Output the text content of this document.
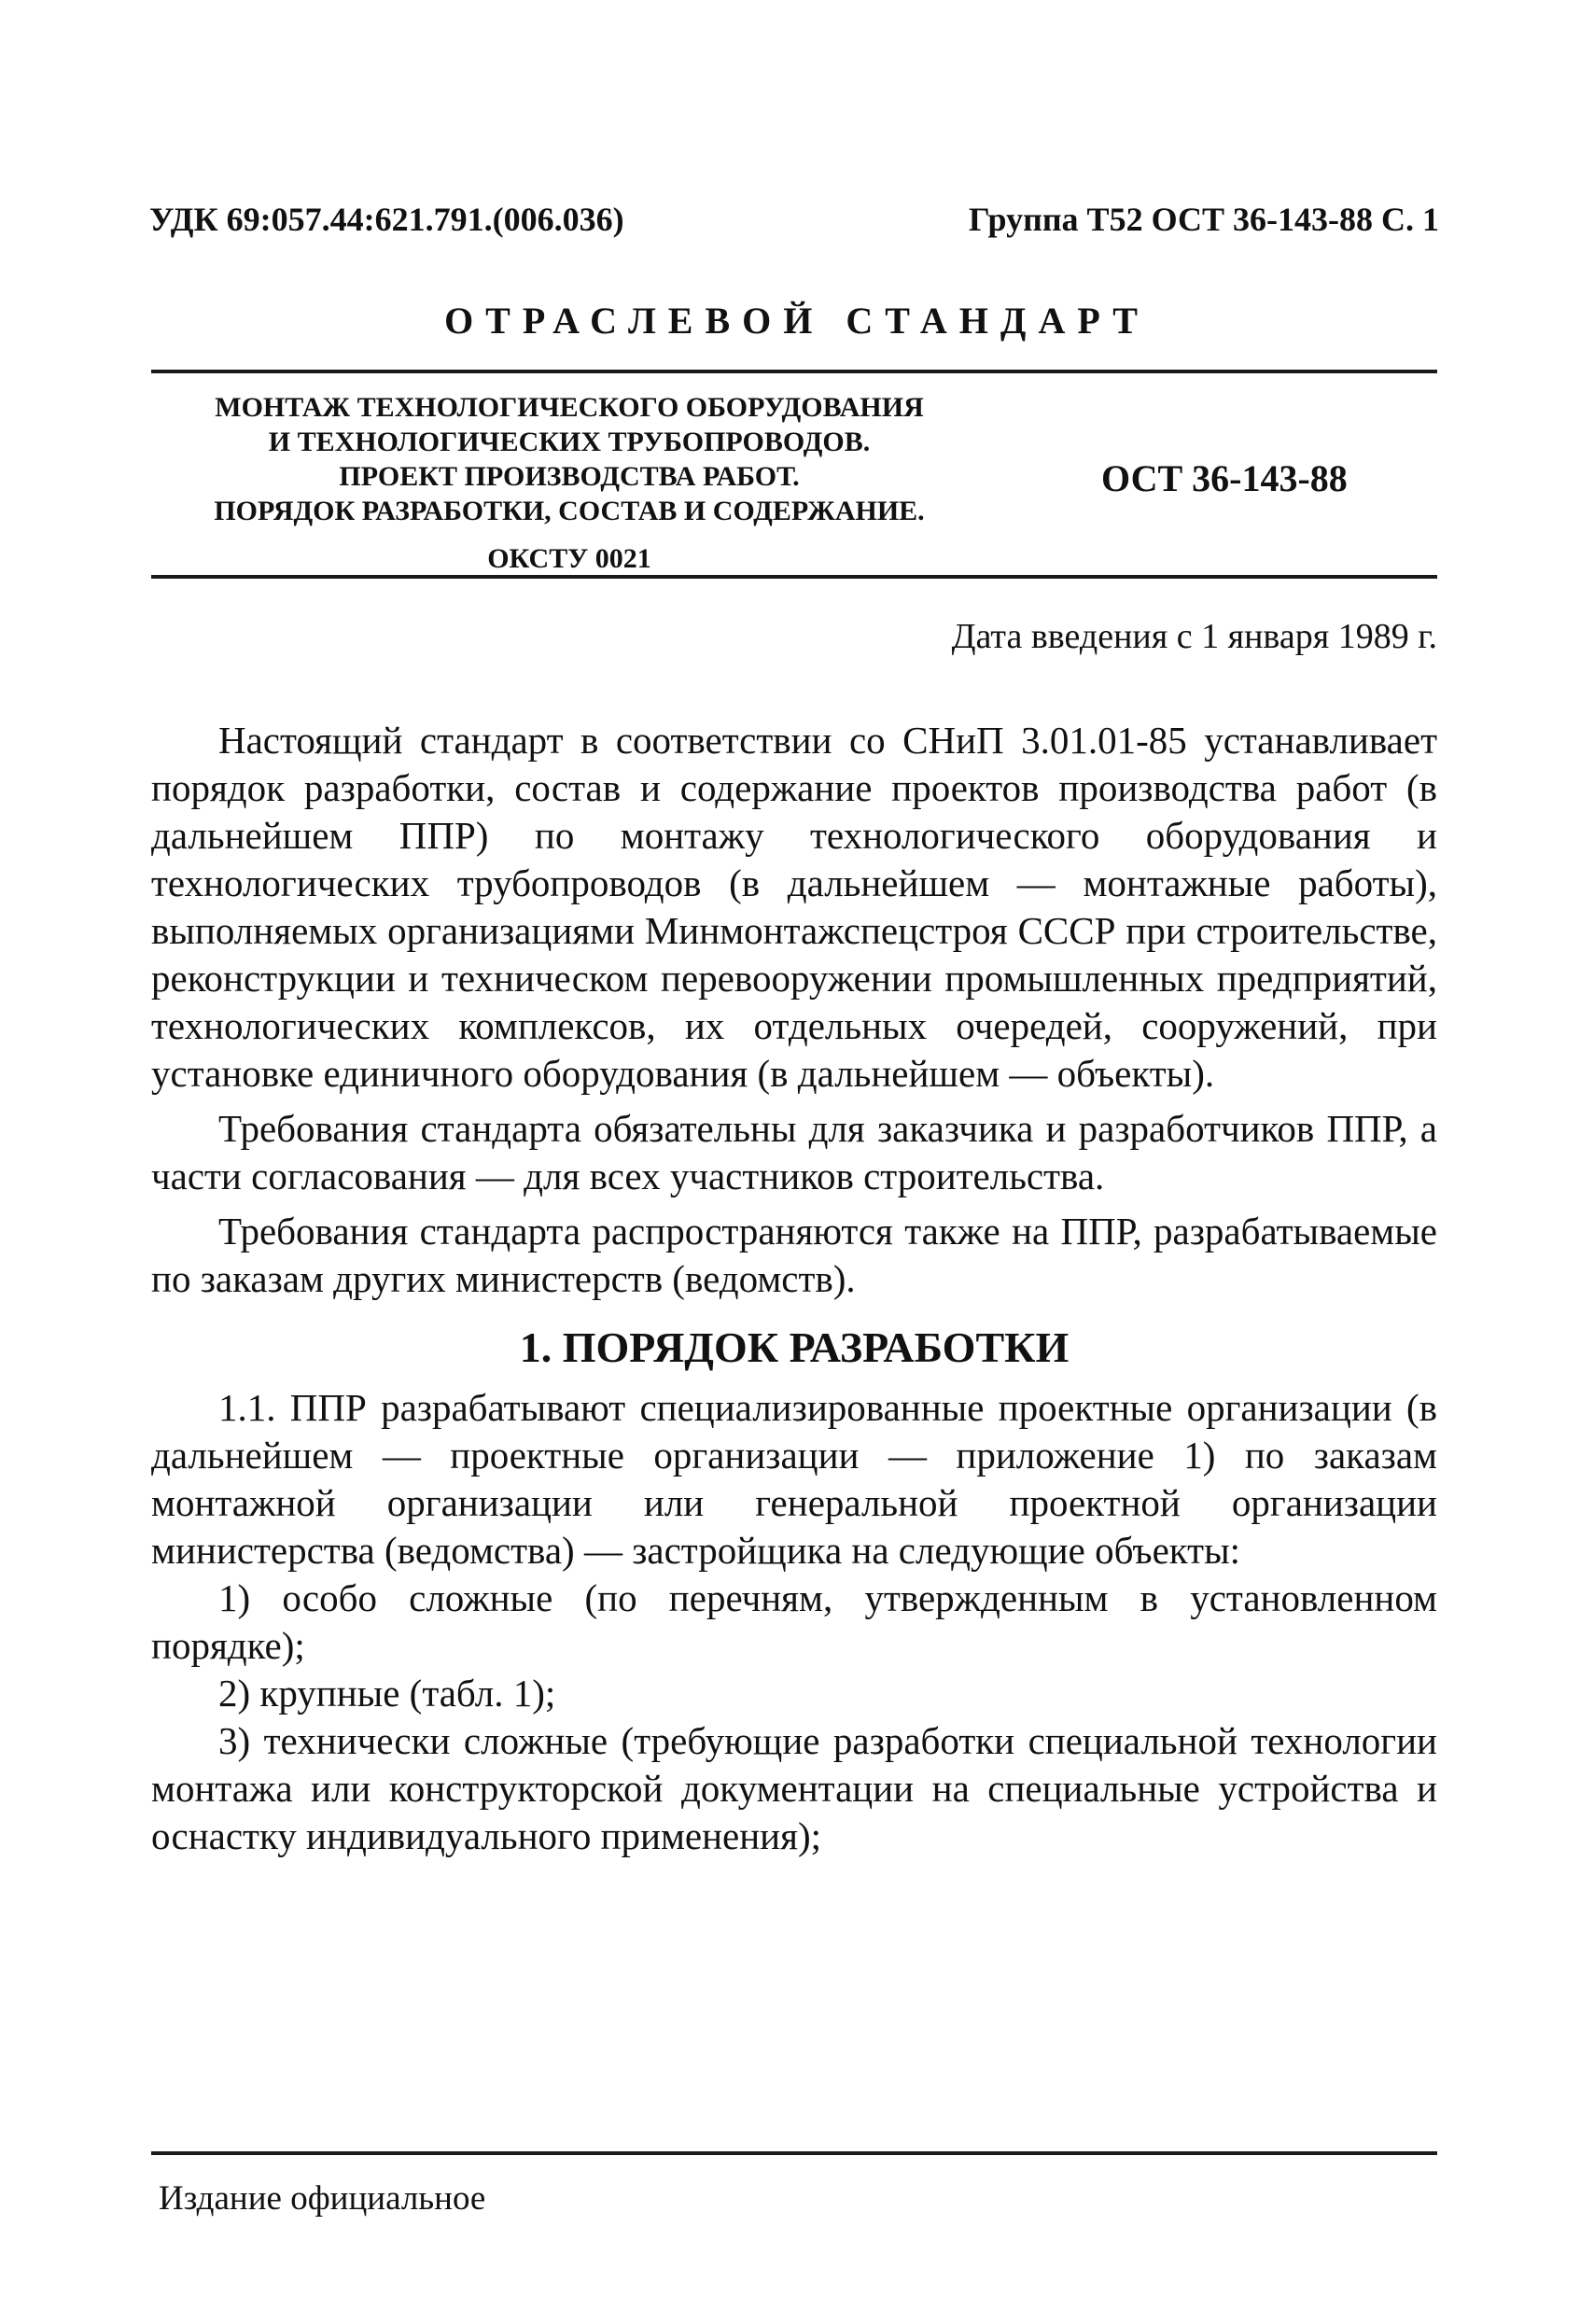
УДК 69:057.44:621.791.(006.036)	Группа Т52 ОСТ 36-143-88 С. 1
ОТРАСЛЕВОЙ СТАНДАРТ
МОНТАЖ ТЕХНОЛОГИЧЕСКОГО ОБОРУДОВАНИЯ
И ТЕХНОЛОГИЧЕСКИХ ТРУБОПРОВОДОВ.
ПРОЕКТ ПРОИЗВОДСТВА РАБОТ.
ПОРЯДОК РАЗРАБОТКИ, СОСТАВ И СОДЕРЖАНИЕ.
ОКСТУ 0021
ОСТ 36-143-88
Дата введения с 1 января 1989 г.

Настоящий стандарт в соответствии со СНиП 3.01.01-85 устанавливает порядок разработки, состав и содержание проектов производства работ (в дальнейшем ППР) по монтажу технологического оборудования и технологических трубопроводов (в дальнейшем — монтажные работы), выполняемых организациями Минмонтажспецстроя СССР при строительстве, реконструкции и техническом перевооружении промышленных предприятий, технологических комплексов, их отдельных очередей, сооружений, при установке единичного оборудования (в дальнейшем — объекты).

Требования стандарта обязательны для заказчика и разработчиков ППР, а части согласования — для всех участников строительства.

Требования стандарта распространяются также на ППР, разрабатываемые по заказам других министерств (ведомств).

1. ПОРЯДОК РАЗРАБОТКИ

1.1. ППР разрабатывают специализированные проектные организации (в дальнейшем — проектные организации — приложение 1) по заказам монтажной организации или генеральной проектной организации министерства (ведомства) — застройщика на следующие объекты:

1) особо сложные (по перечням, утвержденным в установленном порядке);

2) крупные (табл. 1);

3) технически сложные (требующие разработки специальной технологии монтажа или конструкторской документации на специальные устройства и оснастку индивидуального применения);

Издание официальное
